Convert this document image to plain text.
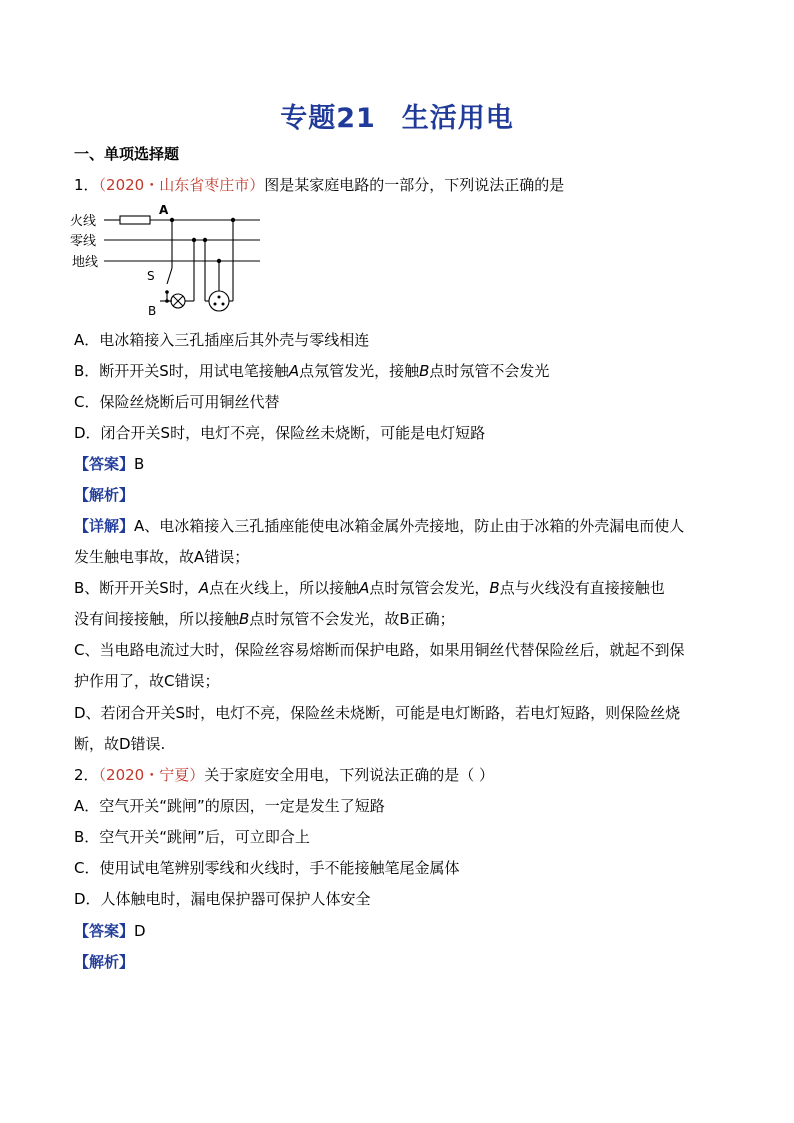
专题21 生活用电
一、单项选择题
1．（2020・山东省枣庄市）图是某家庭电路的一部分，下列说法正确的是
火线
零线
地线
A
S
B
A．电冰箱接入三孔插座后其外壳与零线相连
B．断开开关S时，用试电笔接触A点氖管发光，接触B点时氖管不会发光
C．保险丝烧断后可用铜丝代替
D．闭合开关S时，电灯不亮，保险丝未烧断，可能是电灯短路
【答案】B
【解析】
【详解】A、电冰箱接入三孔插座能使电冰箱金属外壳接地，防止由于冰箱的外壳漏电而使人
发生触电事故，故A错误；
B、断开开关S时，A点在火线上，所以接触A点时氖管会发光，B点与火线没有直接接触也
没有间接接触，所以接触B点时氖管不会发光，故B正确；
C、当电路电流过大时，保险丝容易熔断而保护电路，如果用铜丝代替保险丝后，就起不到保
护作用了，故C错误；
D、若闭合开关S时，电灯不亮，保险丝未烧断，可能是电灯断路，若电灯短路，则保险丝烧
断，故D错误.
2．（2020・宁夏）关于家庭安全用电，下列说法正确的是（ ）
A．空气开关“跳闸”的原因，一定是发生了短路
B．空气开关“跳闸”后，可立即合上
C．使用试电笔辨别零线和火线时，手不能接触笔尾金属体
D．人体触电时，漏电保护器可保护人体安全
【答案】D
【解析】
